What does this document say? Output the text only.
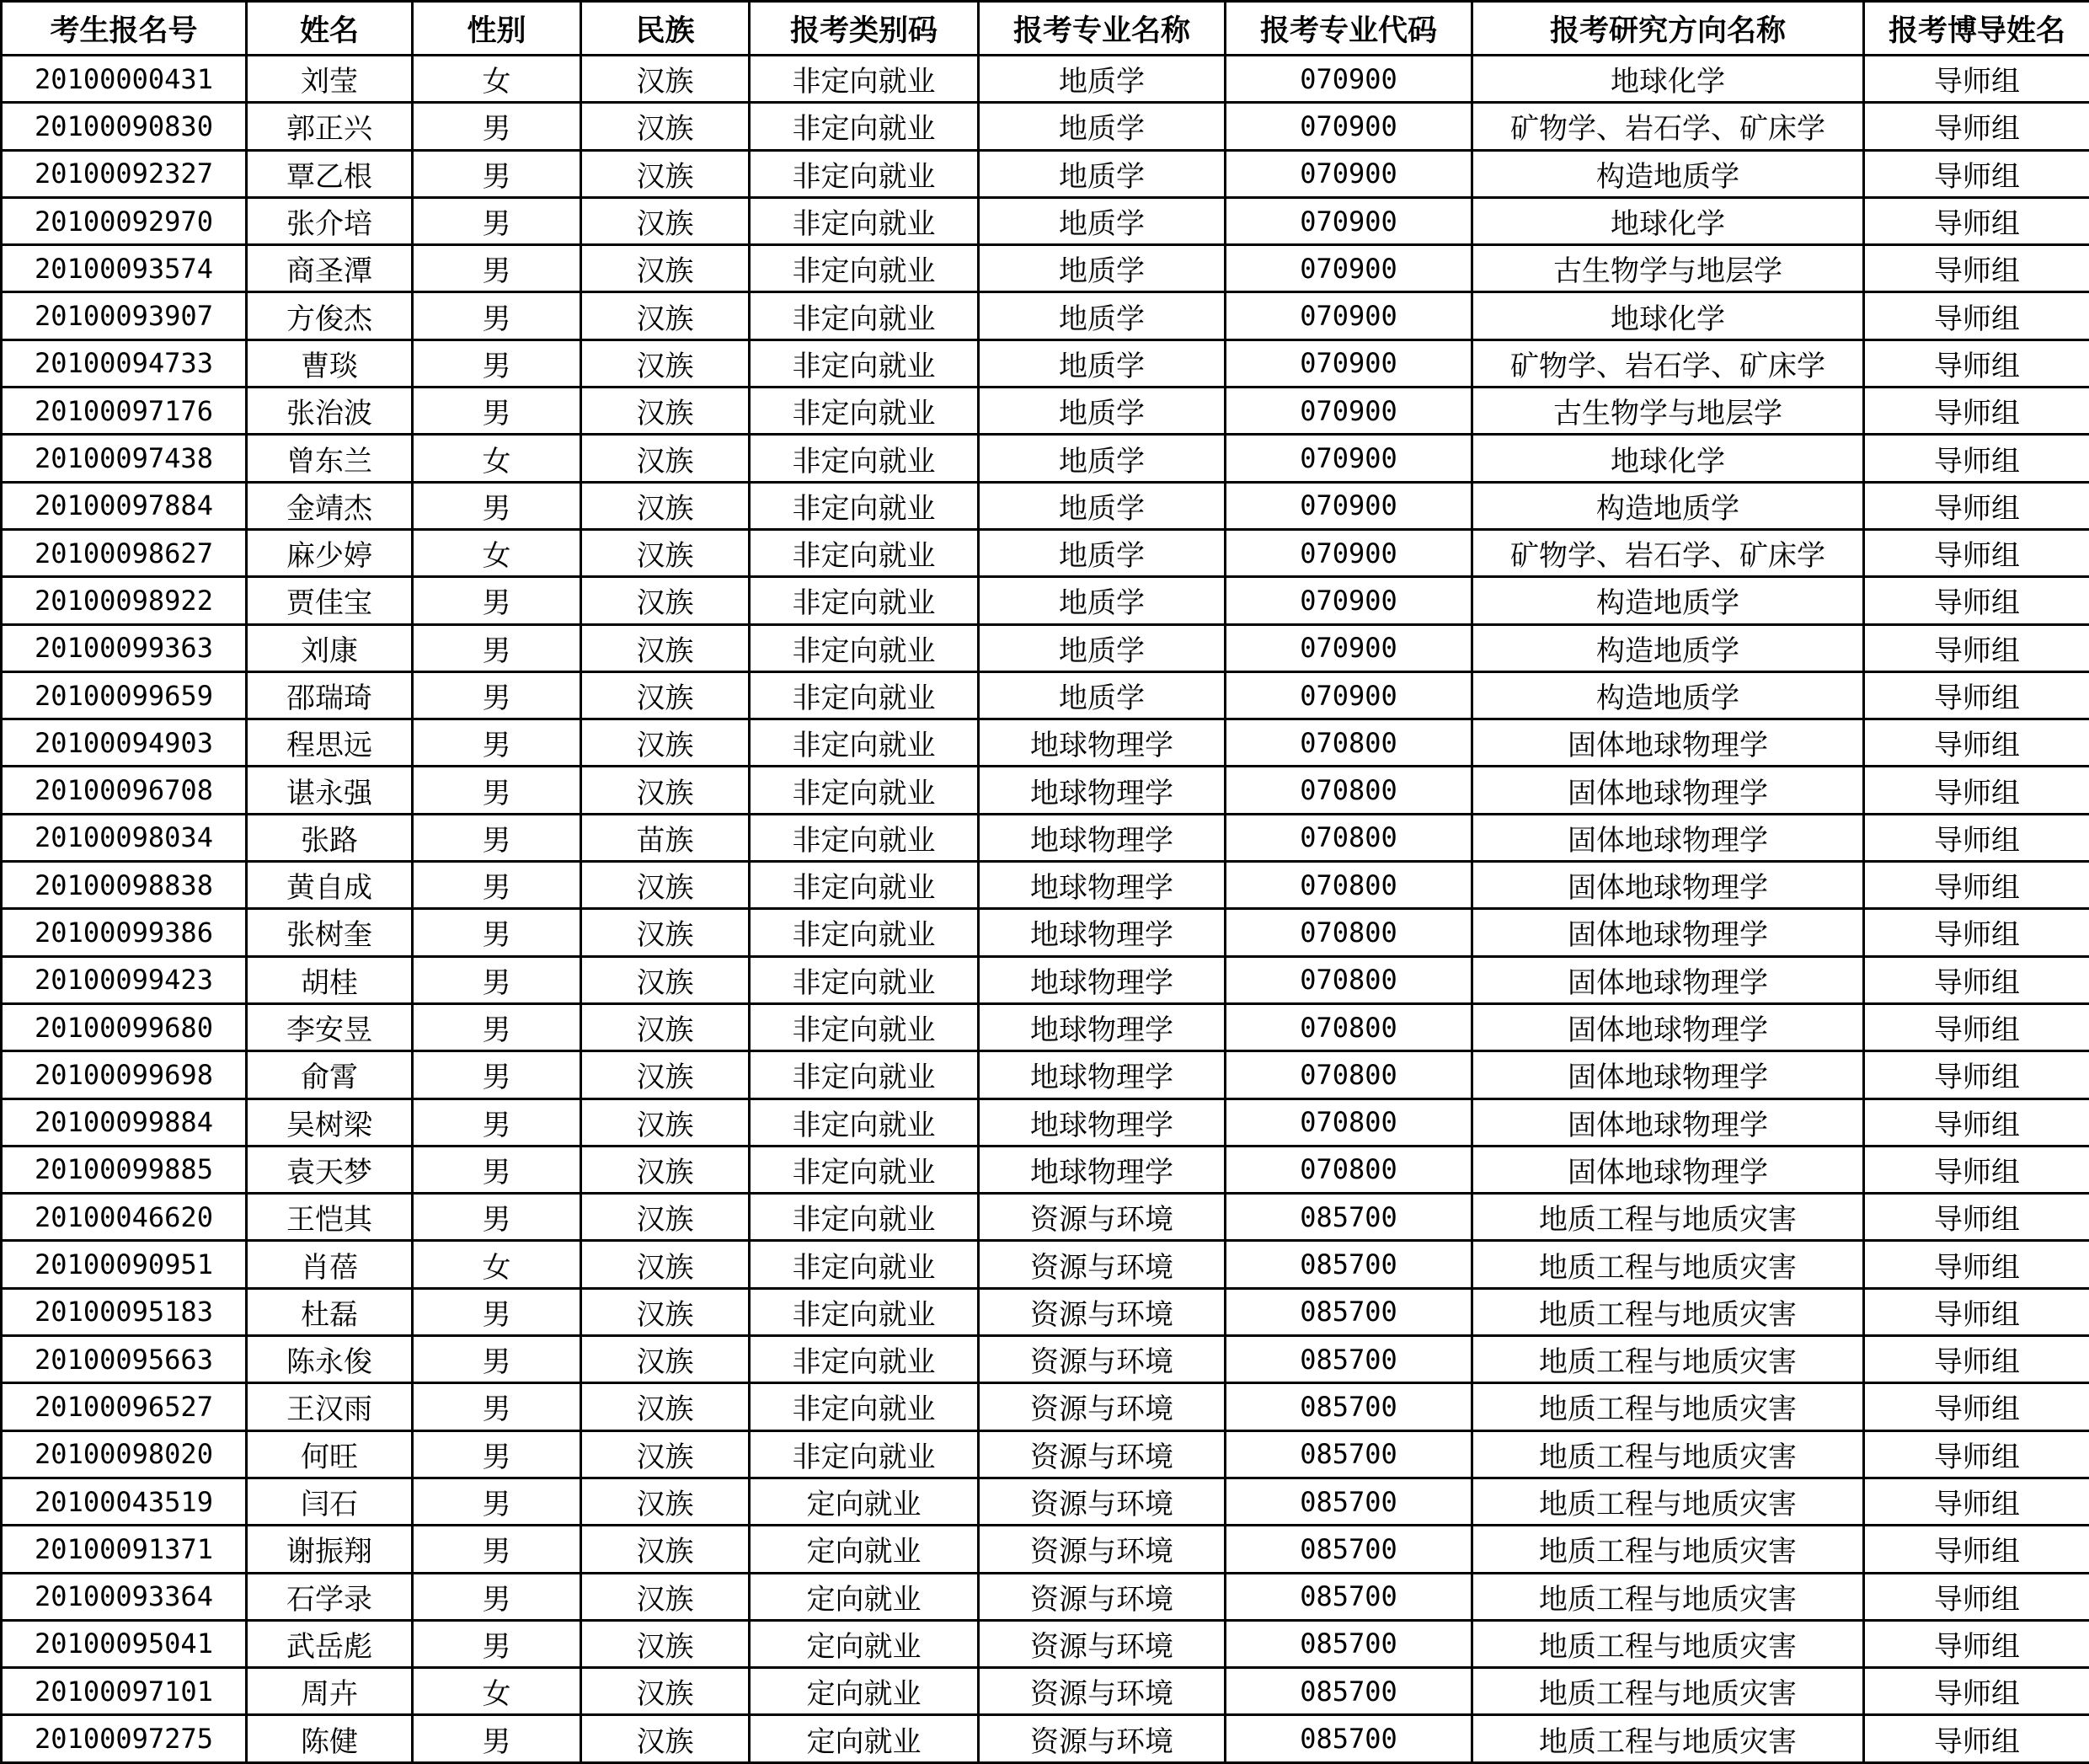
考生报名号	姓名	性别	民族	报考类别码	报考专业名称	报考专业代码	报考研究方向名称	报考博导姓名
20100000431	刘莹	女	汉族	非定向就业	地质学	070900	地球化学	导师组
20100090830	郭正兴	男	汉族	非定向就业	地质学	070900	矿物学、岩石学、矿床学	导师组
20100092327	覃乙根	男	汉族	非定向就业	地质学	070900	构造地质学	导师组
20100092970	张介培	男	汉族	非定向就业	地质学	070900	地球化学	导师组
20100093574	商圣潭	男	汉族	非定向就业	地质学	070900	古生物学与地层学	导师组
20100093907	方俊杰	男	汉族	非定向就业	地质学	070900	地球化学	导师组
20100094733	曹琰	男	汉族	非定向就业	地质学	070900	矿物学、岩石学、矿床学	导师组
20100097176	张治波	男	汉族	非定向就业	地质学	070900	古生物学与地层学	导师组
20100097438	曾东兰	女	汉族	非定向就业	地质学	070900	地球化学	导师组
20100097884	金靖杰	男	汉族	非定向就业	地质学	070900	构造地质学	导师组
20100098627	麻少婷	女	汉族	非定向就业	地质学	070900	矿物学、岩石学、矿床学	导师组
20100098922	贾佳宝	男	汉族	非定向就业	地质学	070900	构造地质学	导师组
20100099363	刘康	男	汉族	非定向就业	地质学	070900	构造地质学	导师组
20100099659	邵瑞琦	男	汉族	非定向就业	地质学	070900	构造地质学	导师组
20100094903	程思远	男	汉族	非定向就业	地球物理学	070800	固体地球物理学	导师组
20100096708	谌永强	男	汉族	非定向就业	地球物理学	070800	固体地球物理学	导师组
20100098034	张路	男	苗族	非定向就业	地球物理学	070800	固体地球物理学	导师组
20100098838	黄自成	男	汉族	非定向就业	地球物理学	070800	固体地球物理学	导师组
20100099386	张树奎	男	汉族	非定向就业	地球物理学	070800	固体地球物理学	导师组
20100099423	胡桂	男	汉族	非定向就业	地球物理学	070800	固体地球物理学	导师组
20100099680	李安昱	男	汉族	非定向就业	地球物理学	070800	固体地球物理学	导师组
20100099698	俞霄	男	汉族	非定向就业	地球物理学	070800	固体地球物理学	导师组
20100099884	吴树梁	男	汉族	非定向就业	地球物理学	070800	固体地球物理学	导师组
20100099885	袁天梦	男	汉族	非定向就业	地球物理学	070800	固体地球物理学	导师组
20100046620	王恺其	男	汉族	非定向就业	资源与环境	085700	地质工程与地质灾害	导师组
20100090951	肖蓓	女	汉族	非定向就业	资源与环境	085700	地质工程与地质灾害	导师组
20100095183	杜磊	男	汉族	非定向就业	资源与环境	085700	地质工程与地质灾害	导师组
20100095663	陈永俊	男	汉族	非定向就业	资源与环境	085700	地质工程与地质灾害	导师组
20100096527	王汉雨	男	汉族	非定向就业	资源与环境	085700	地质工程与地质灾害	导师组
20100098020	何旺	男	汉族	非定向就业	资源与环境	085700	地质工程与地质灾害	导师组
20100043519	闫石	男	汉族	定向就业	资源与环境	085700	地质工程与地质灾害	导师组
20100091371	谢振翔	男	汉族	定向就业	资源与环境	085700	地质工程与地质灾害	导师组
20100093364	石学录	男	汉族	定向就业	资源与环境	085700	地质工程与地质灾害	导师组
20100095041	武岳彪	男	汉族	定向就业	资源与环境	085700	地质工程与地质灾害	导师组
20100097101	周卉	女	汉族	定向就业	资源与环境	085700	地质工程与地质灾害	导师组
20100097275	陈健	男	汉族	定向就业	资源与环境	085700	地质工程与地质灾害	导师组
